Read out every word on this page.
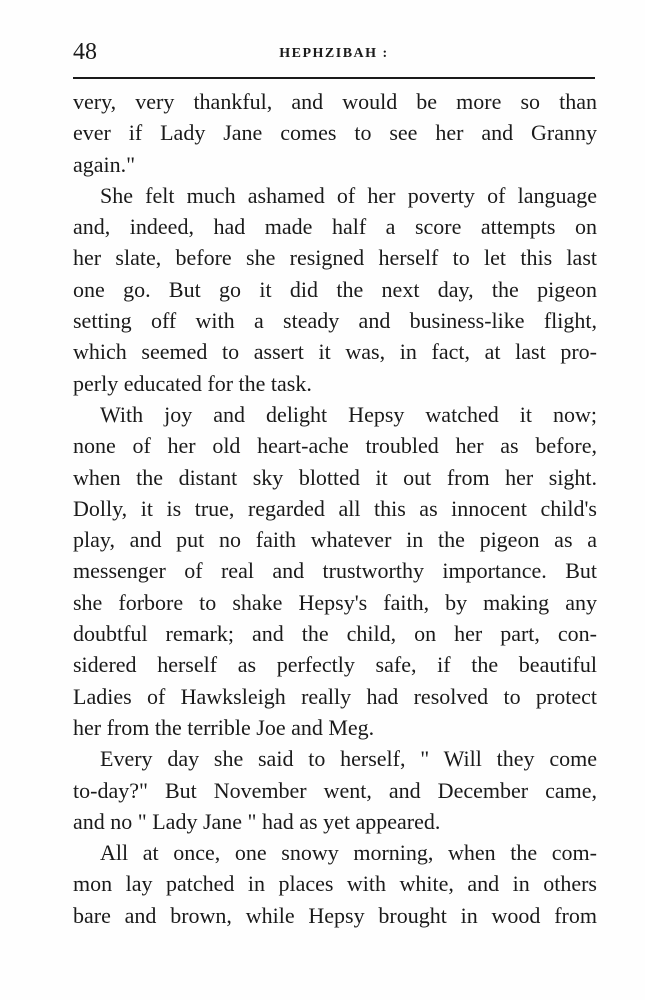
48	HEPHZIBAH :
very, very thankful, and would be more so than
ever if Lady Jane comes to see her and Granny
again."
She felt much ashamed of her poverty of language
and, indeed, had made half a score attempts on
her slate, before she resigned herself to let this last
one go. But go it did the next day, the pigeon
setting off with a steady and business-like flight,
which seemed to assert it was, in fact, at last pro-
perly educated for the task.
With joy and delight Hepsy watched it now;
none of her old heart-ache troubled her as before,
when the distant sky blotted it out from her sight.
Dolly, it is true, regarded all this as innocent child's
play, and put no faith whatever in the pigeon as a
messenger of real and trustworthy importance. But
she forbore to shake Hepsy's faith, by making any
doubtful remark; and the child, on her part, con-
sidered herself as perfectly safe, if the beautiful
Ladies of Hawksleigh really had resolved to protect
her from the terrible Joe and Meg.
Every day she said to herself, " Will they come
to-day?" But November went, and December came,
and no " Lady Jane " had as yet appeared.
All at once, one snowy morning, when the com-
mon lay patched in places with white, and in others
bare and brown, while Hepsy brought in wood from
